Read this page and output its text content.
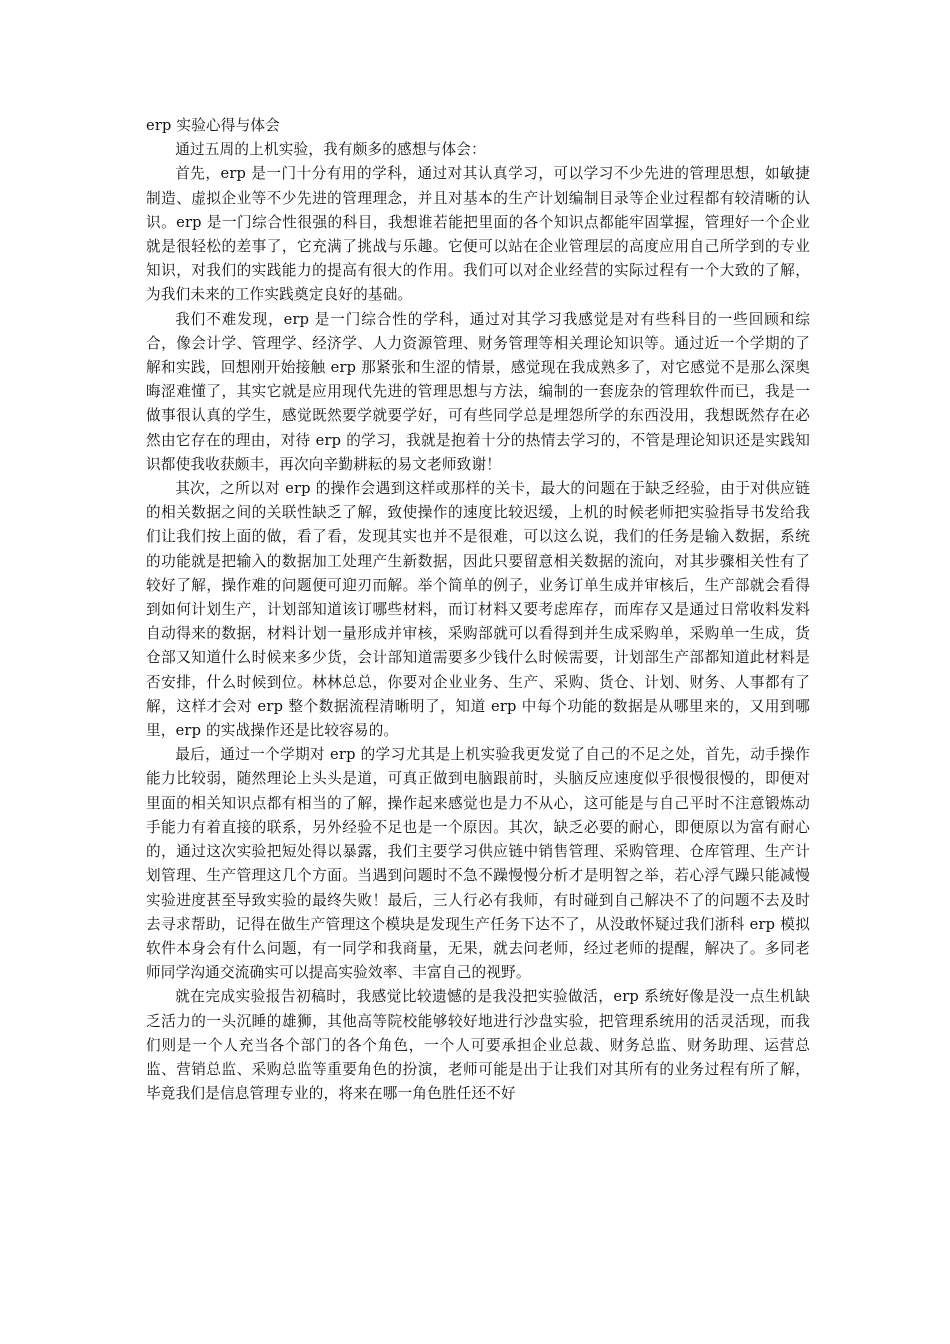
erp 实验心得与体会

通过五周的上机实验，我有颇多的感想与体会：

首先，erp 是一门十分有用的学科，通过对其认真学习，可以学习不少先进的管理思想，如敏捷制造、虚拟企业等不少先进的管理理念，并且对基本的生产计划编制目录等企业过程都有较清晰的认识。erp 是一门综合性很强的科目，我想谁若能把里面的各个知识点都能牢固掌握，管理好一个企业就是很轻松的差事了，它充满了挑战与乐趣。它便可以站在企业管理层的高度应用自己所学到的专业知识，对我们的实践能力的提高有很大的作用。我们可以对企业经营的实际过程有一个大致的了解，为我们未来的工作实践奠定良好的基础。

我们不难发现，erp 是一门综合性的学科，通过对其学习我感觉是对有些科目的一些回顾和综合，像会计学、管理学、经济学、人力资源管理、财务管理等相关理论知识等。通过近一个学期的了解和实践，回想刚开始接触 erp 那紧张和生涩的情景，感觉现在我成熟多了，对它感觉不是那么深奥晦涩难懂了，其实它就是应用现代先进的管理思想与方法，编制的一套庞杂的管理软件而已，我是一做事很认真的学生，感觉既然要学就要学好，可有些同学总是埋怨所学的东西没用，我想既然存在必然由它存在的理由，对待 erp 的学习，我就是抱着十分的热情去学习的，不管是理论知识还是实践知识都使我收获颇丰，再次向辛勤耕耘的易文老师致谢！

其次，之所以对 erp 的操作会遇到这样或那样的关卡，最大的问题在于缺乏经验，由于对供应链的相关数据之间的关联性缺乏了解，致使操作的速度比较迟缓，上机的时候老师把实验指导书发给我们让我们按上面的做，看了看，发现其实也并不是很难，可以这么说，我们的任务是输入数据，系统的功能就是把输入的数据加工处理产生新数据，因此只要留意相关数据的流向，对其步骤相关性有了较好了解，操作难的问题便可迎刃而解。举个简单的例子，业务订单生成并审核后，生产部就会看得到如何计划生产，计划部知道该订哪些材料，而订材料又要考虑库存，而库存又是通过日常收料发料自动得来的数据，材料计划一量形成并审核，采购部就可以看得到并生成采购单，采购单一生成，货仓部又知道什么时候来多少货，会计部知道需要多少钱什么时候需要，计划部生产部都知道此材料是否安排，什么时候到位。林林总总，你要对企业业务、生产、采购、货仓、计划、财务、人事都有了解，这样才会对 erp 整个数据流程清晰明了，知道 erp 中每个功能的数据是从哪里来的，又用到哪里，erp 的实战操作还是比较容易的。

最后，通过一个学期对 erp 的学习尤其是上机实验我更发觉了自己的不足之处，首先，动手操作能力比较弱，随然理论上头头是道，可真正做到电脑跟前时，头脑反应速度似乎很慢很慢的，即便对里面的相关知识点都有相当的了解，操作起来感觉也是力不从心，这可能是与自己平时不注意锻炼动手能力有着直接的联系，另外经验不足也是一个原因。其次，缺乏必要的耐心，即便原以为富有耐心的，通过这次实验把短处得以暴露，我们主要学习供应链中销售管理、采购管理、仓库管理、生产计划管理、生产管理这几个方面。当遇到问题时不急不躁慢慢分析才是明智之举，若心浮气躁只能减慢实验进度甚至导致实验的最终失败！最后，三人行必有我师，有时碰到自己解决不了的问题不去及时去寻求帮助，记得在做生产管理这个模块是发现生产任务下达不了，从没敢怀疑过我们浙科 erp 模拟软件本身会有什么问题，有一同学和我商量，无果，就去问老师，经过老师的提醒，解决了。多同老师同学沟通交流确实可以提高实验效率、丰富自己的视野。

就在完成实验报告初稿时，我感觉比较遗憾的是我没把实验做活，erp 系统好像是没一点生机缺乏活力的一头沉睡的雄狮，其他高等院校能够较好地进行沙盘实验，把管理系统用的活灵活现，而我们则是一个人充当各个部门的各个角色，一个人可要承担企业总裁、财务总监、财务助理、运营总监、营销总监、采购总监等重要角色的扮演，老师可能是出于让我们对其所有的业务过程有所了解，毕竟我们是信息管理专业的，将来在哪一角色胜任还不好
